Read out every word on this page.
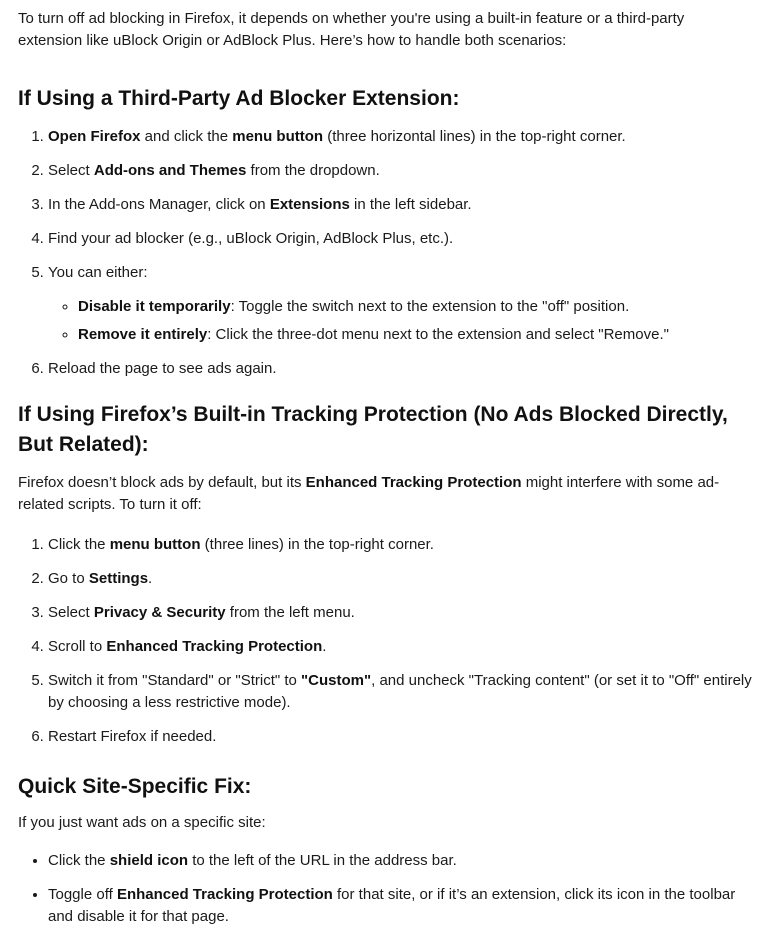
To turn off ad blocking in Firefox, it depends on whether you're using a built-in feature or a third-party extension like uBlock Origin or AdBlock Plus. Here’s how to handle both scenarios:

If Using a Third-Party Ad Blocker Extension:
1. Open Firefox and click the menu button (three horizontal lines) in the top-right corner.
2. Select Add-ons and Themes from the dropdown.
3. In the Add-ons Manager, click on Extensions in the left sidebar.
4. Find your ad blocker (e.g., uBlock Origin, AdBlock Plus, etc.).
5. You can either:
◦ Disable it temporarily: Toggle the switch next to the extension to the "off" position.
◦ Remove it entirely: Click the three-dot menu next to the extension and select "Remove."
6. Reload the page to see ads again.
If Using Firefox’s Built-in Tracking Protection (No Ads Blocked Directly, But Related):

Firefox doesn’t block ads by default, but its Enhanced Tracking Protection might interfere with some ad-related scripts. To turn it off:

1. Click the menu button (three lines) in the top-right corner.
2. Go to Settings.
3. Select Privacy & Security from the left menu.
4. Scroll to Enhanced Tracking Protection.
5. Switch it from "Standard" or "Strict" to "Custom", and uncheck "Tracking content" (or set it to "Off" entirely by choosing a less restrictive mode).
6. Restart Firefox if needed.
Quick Site-Specific Fix:

If you just want ads on a specific site:

• Click the shield icon to the left of the URL in the address bar.
• Toggle off Enhanced Tracking Protection for that site, or if it’s an extension, click its icon in the toolbar and disable it for that page.
